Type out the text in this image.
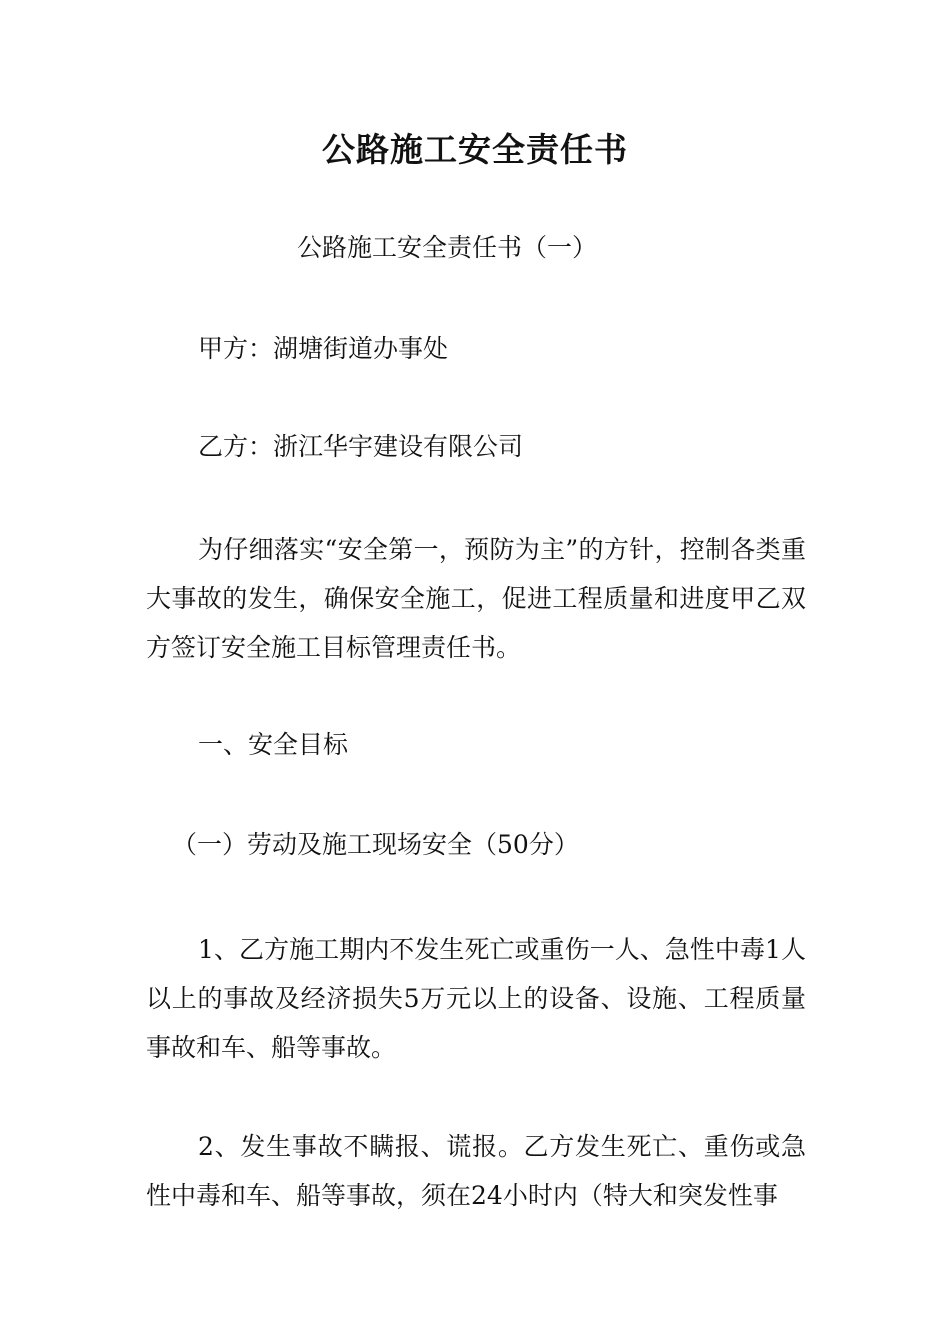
公路施工安全责任书
公路施工安全责任书（一）
甲方：湖塘街道办事处
乙方：浙江华宇建设有限公司
为仔细落实“安全第一，预防为主”的方针，控制各类重大事故的发生，确保安全施工，促进工程质量和进度甲乙双方签订安全施工目标管理责任书。
一、安全目标
（一）劳动及施工现场安全（50分）
1、乙方施工期内不发生死亡或重伤一人、急性中毒1人以上的事故及经济损失5万元以上的设备、设施、工程质量事故和车、船等事故。
2、发生事故不瞒报、谎报。乙方发生死亡、重伤或急性中毒和车、船等事故，须在24小时内（特大和突发性事
